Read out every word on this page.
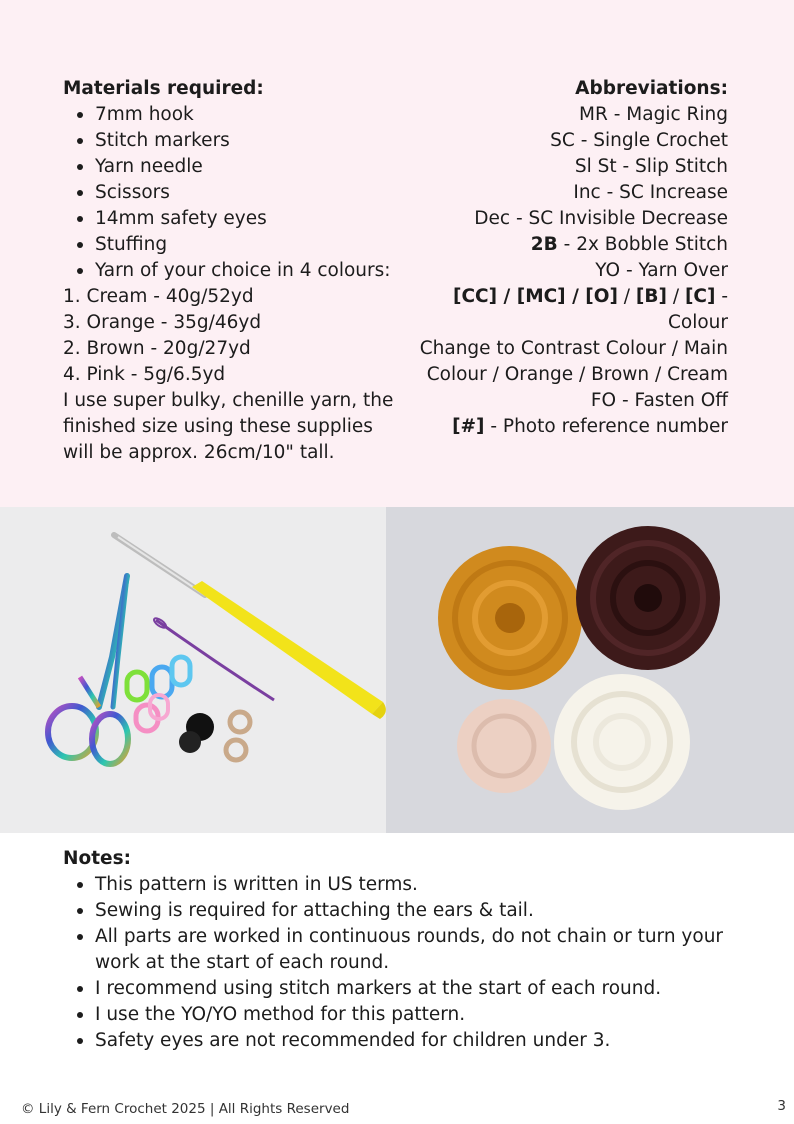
Materials required:
7mm hook
Stitch markers
Yarn needle
Scissors
14mm safety eyes
Stuffing
Yarn of your choice in 4 colours:
1. Cream - 40g/52yd
3. Orange - 35g/46yd
2. Brown - 20g/27yd
4. Pink - 5g/6.5yd
I use super bulky, chenille yarn, the finished size using these supplies will be approx. 26cm/10" tall.
Abbreviations:
MR - Magic Ring
SC - Single Crochet
Sl St - Slip Stitch
Inc - SC Increase
Dec - SC Invisible Decrease
2B - 2x Bobble Stitch
YO - Yarn Over
[CC] / [MC] / [O] / [B] / [C] - Colour
Change to Contrast Colour / Main
Colour / Orange / Brown / Cream
FO - Fasten Off
[#] - Photo reference number
Notes:
This pattern is written in US terms.
Sewing is required for attaching the ears & tail.
All parts are worked in continuous rounds, do not chain or turn your work at the start of each round.
I recommend using stitch markers at the start of each round.
I use the YO/YO method for this pattern.
Safety eyes are not recommended for children under 3.
© Lily & Fern Crochet 2025 | All Rights Reserved	3
